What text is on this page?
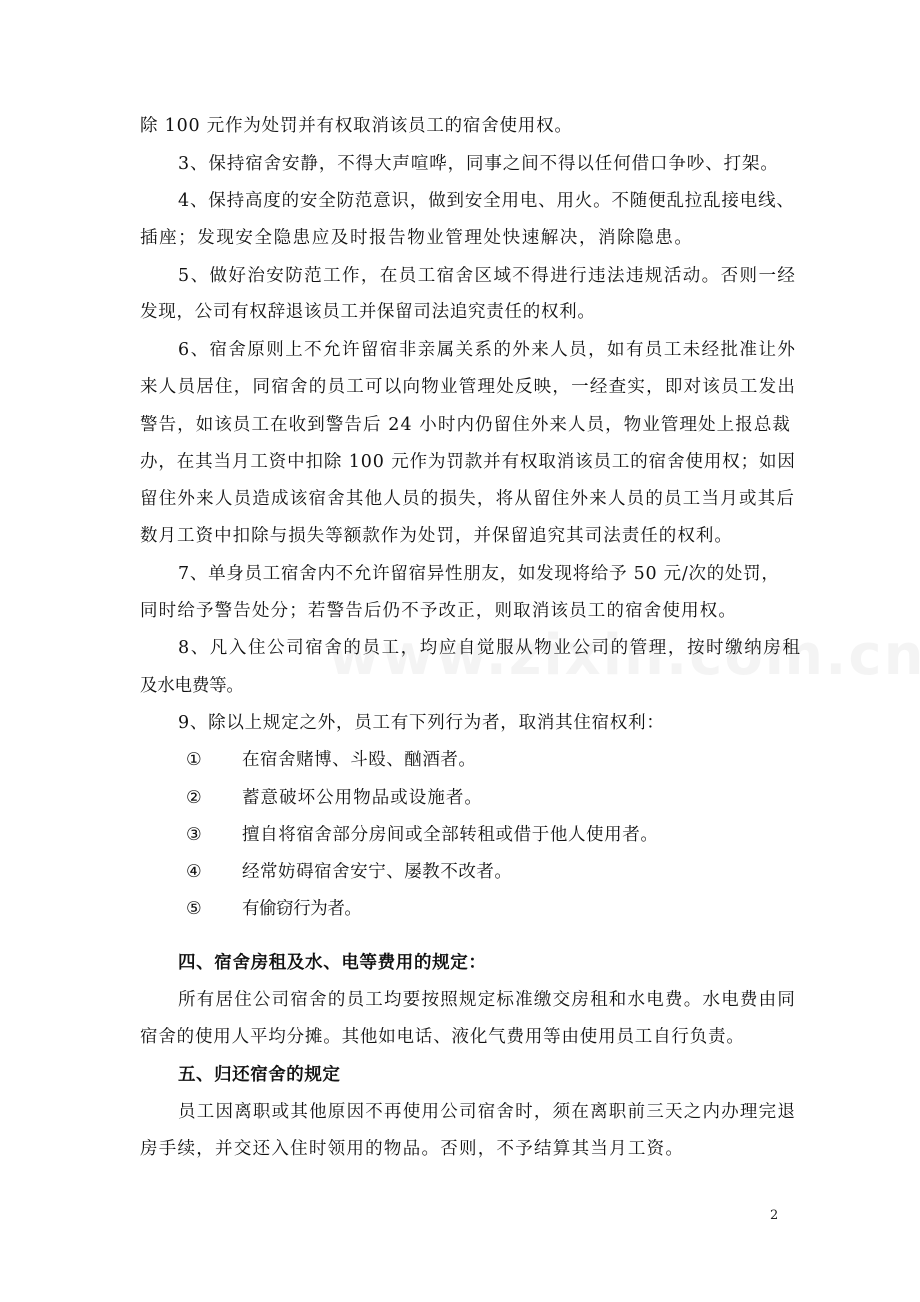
除 100 元作为处罚并有权取消该员工的宿舍使用权。
3、保持宿舍安静，不得大声喧哗，同事之间不得以任何借口争吵、打架。
4、保持高度的安全防范意识，做到安全用电、用火。不随便乱拉乱接电线、
插座；发现安全隐患应及时报告物业管理处快速解决，消除隐患。
5、做好治安防范工作，在员工宿舍区域不得进行违法违规活动。否则一经
发现，公司有权辞退该员工并保留司法追究责任的权利。
6、宿舍原则上不允许留宿非亲属关系的外来人员，如有员工未经批准让外
来人员居住，同宿舍的员工可以向物业管理处反映，一经查实，即对该员工发出
警告，如该员工在收到警告后 24 小时内仍留住外来人员，物业管理处上报总裁
办，在其当月工资中扣除 100 元作为罚款并有权取消该员工的宿舍使用权；如因
留住外来人员造成该宿舍其他人员的损失，将从留住外来人员的员工当月或其后
数月工资中扣除与损失等额款作为处罚，并保留追究其司法责任的权利。
7、单身员工宿舍内不允许留宿异性朋友，如发现将给予 50 元/次的处罚，
同时给予警告处分；若警告后仍不予改正，则取消该员工的宿舍使用权。
8、凡入住公司宿舍的员工，均应自觉服从物业公司的管理，按时缴纳房租
及水电费等。
9、除以上规定之外，员工有下列行为者，取消其住宿权利：
① 在宿舍赌博、斗殴、酗酒者。
② 蓄意破坏公用物品或设施者。
③ 擅自将宿舍部分房间或全部转租或借于他人使用者。
④ 经常妨碍宿舍安宁、屡教不改者。
⑤ 有偷窃行为者。
四、宿舍房租及水、电等费用的规定：
所有居住公司宿舍的员工均要按照规定标准缴交房租和水电费。水电费由同
宿舍的使用人平均分摊。其他如电话、液化气费用等由使用员工自行负责。
五、归还宿舍的规定
员工因离职或其他原因不再使用公司宿舍时，须在离职前三天之内办理完退
房手续，并交还入住时领用的物品。否则，不予结算其当月工资。
2
